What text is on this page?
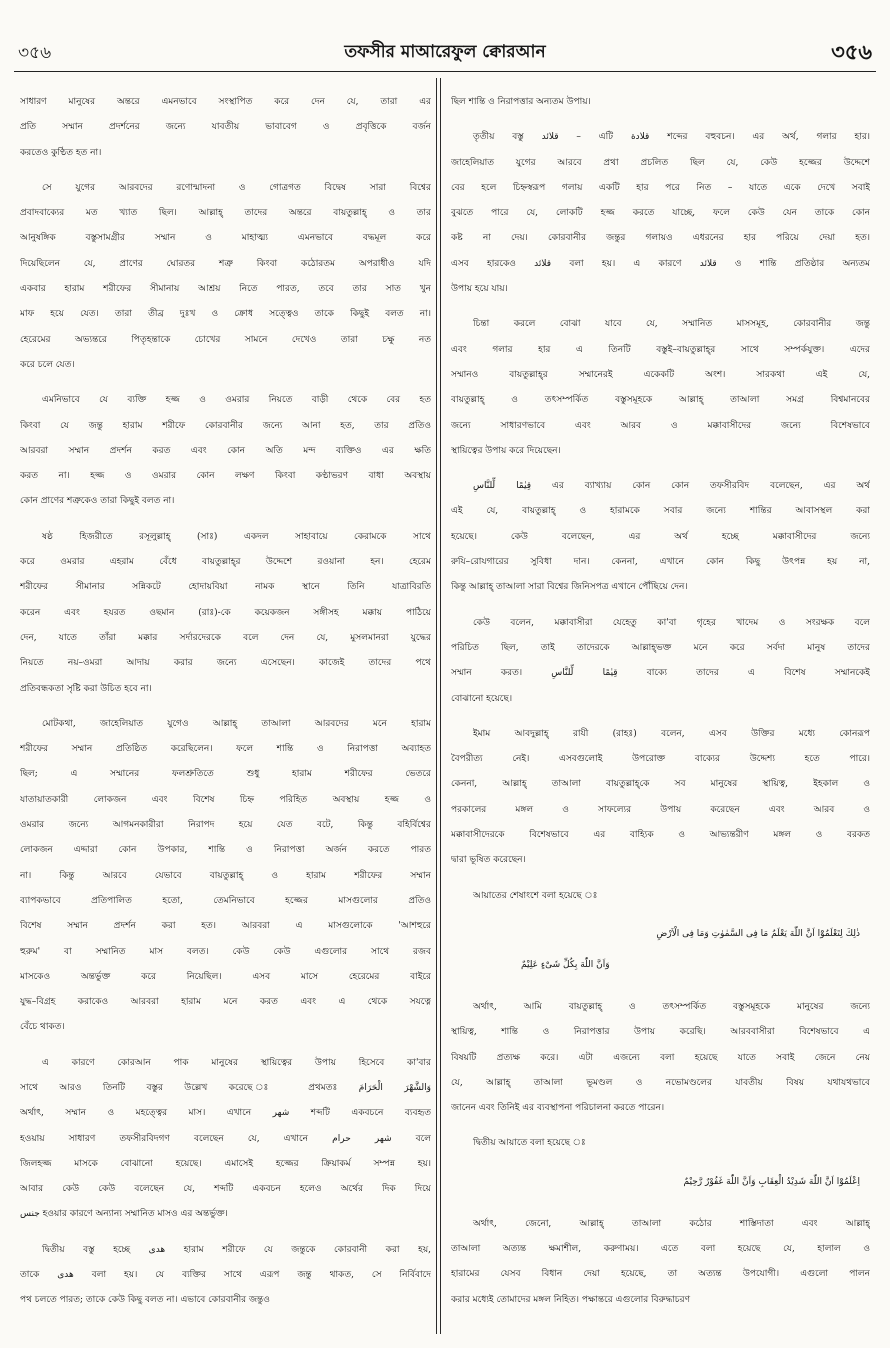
৩৫৬	তফসীর মাআরেফুল ক্বোরআন	৩৫৬
সাধারণ মানুষের অন্তরে এমনভাবে সংস্থাপিত করে দেন যে, তারা এর
প্রতি সম্মান প্রদর্শনের জন্যে যাবতীয় ভাবাবেগ ও প্রবৃত্তিকে বর্জন
করতেও কুণ্ঠিত হত না।
সে যুগের আরবদের রণোন্মাদনা ও গোত্রগত বিদ্বেষ সারা বিশ্বের
প্রবাদবাক্যের মত খ্যাত ছিল। আল্লাহ্ তাদের অন্তরে বায়তুল্লাহ্ ও তার
আনুষঙ্গিক বস্তুসামগ্রীর সম্মান ও মাহাত্ম্য এমনভাবে বদ্ধমূল করে
দিয়েছিলেন যে, প্রাণের ঘোরতর শত্রু কিংবা কঠোরতম অপরাধীও যদি
একবার হারাম শরীফের সীমানায় আশ্রয় নিতে পারত, তবে তার সাত খুন
মাফ হয়ে যেত। তারা তীব্র দুঃখ ও ক্রোধ সত্ত্বেও তাকে কিছুই বলত না।
হেরেমের অভ্যন্তরে পিতৃহন্তাকে চোখের সামনে দেখেও তারা চক্ষু নত
করে চলে যেত।
এমনিভাবে যে ব্যক্তি হজ্জ ও ওমরার নিয়তে বাড়ী থেকে বের হত
কিংবা যে জন্তু হারাম শরীফে কোরবানীর জন্যে আনা হত, তার প্রতিও
আরবরা সম্মান প্রদর্শন করত এবং কোন অতি মন্দ ব্যক্তিও এর ক্ষতি
করত না। হজ্জ ও ওমরার কোন লক্ষণ কিংবা কণ্ঠাভরণ বাধা অবস্থায়
কোন প্রাণের শত্রুকেও তারা কিছুই বলত না।
ষষ্ঠ হিজরীতে রসূলুল্লাহ্ (সাঃ) একদল সাহাবায়ে কেরামকে সাথে
করে ওমরার এহরাম বেঁধে বায়তুল্লাহ্‌র উদ্দেশে রওয়ানা হন। হেরেম
শরীফের সীমানার সন্নিকটে হোদায়বিয়া নামক স্থানে তিনি যাত্রাবিরতি
করেন এবং হযরত ওছমান (রাঃ)-কে কয়েকজন সঙ্গীসহ মক্কায় পাঠিয়ে
দেন, যাতে তাঁরা মক্কার সর্দারদেরকে বলে দেন যে, মুসলমানরা যুদ্ধের
নিয়তে নয়–ওমরা আদায় করার জন্যে এসেছেন। কাজেই তাদের পথে
প্রতিবন্ধকতা সৃষ্টি করা উচিত হবে না।
মোটকথা, জাহেলিয়াত যুগেও আল্লাহ্ তাআলা আরবদের মনে হারাম
শরীফের সম্মান প্রতিষ্ঠিত করেছিলেন। ফলে শান্তি ও নিরাপত্তা অব্যাহত
ছিল; এ সম্মানের ফলশ্রুতিতে শুধু হারাম শরীফের ভেতরে
যাতায়াতকারী লোকজন এবং বিশেষ চিহ্ন পরিহিত অবস্থায় হজ্জ ও
ওমরার জন্যে আগমনকারীরা নিরাপদ হয়ে যেত বটে, কিন্তু বহির্বিশ্বের
লোকজন এদ্দারা কোন উপকার, শান্তি ও নিরাপত্তা অর্জন করতে পারত
না। কিন্তু আরবে যেভাবে বায়তুল্লাহ্ ও হারাম শরীফের সম্মান
ব্যাপকভাবে প্রতিপালিত হতো, তেমনিভাবে হজ্জের মাসগুলোর প্রতিও
বিশেষ সম্মান প্রদর্শন করা হত। আরবরা এ মাসগুলোকে 'আশহুরে
হুরুম' বা সম্মানিত মাস বলত। কেউ কেউ এগুলোর সাথে রজব
মাসকেও অন্তর্ভুক্ত করে নিয়েছিল। এসব মাসে হেরেমের বাইরে
যুদ্ধ–বিগ্রহ করাকেও আরবরা হারাম মনে করত এবং এ থেকে সযত্নে
বেঁচে থাকত।
এ কারণে কোরআন পাক মানুষের স্থায়িত্বের উপায় হিসেবে কা'বার
সাথে আরও তিনটি বস্তুর উল্লেখ করেছে ঃ প্রথমতঃ وَالشَّهْرَ الْحَرَامَ
অর্থাৎ, সম্মান ও মহত্ত্বের মাস। এখানে شهر শব্দটি একবচনে ব্যবহৃত
হওয়ায় সাধারণ তফসীরবিদগণ বলেছেন যে, এখানে شهر حرام বলে
জিলহজ্জ মাসকে বোঝানো হয়েছে। এমাসেই হজ্জের ক্রিয়াকর্ম সম্পন্ন হয়।
আবার কেউ কেউ বলেছেন যে, শব্দটি একবচন হলেও অর্থের দিক দিয়ে
جنس হওয়ার কারণে অন্যান্য সম্মানিত মাসও এর অন্তর্ভুক্ত।
দ্বিতীয় বস্তু হচ্ছে هدى হারাম শরীফে যে জন্তুকে কোরবানী করা হয়,
তাকে هدى বলা হয়। যে ব্যক্তির সাথে এরূপ জন্তু থাকত, সে নির্বিবাদে
পথ চলতে পারত; তাকে কেউ কিছু বলত না। এভাবে কোরবানীর জন্তুও
ছিল শান্তি ও নিরাপত্তার অন্যতম উপায়।
তৃতীয় বস্তু قلائد – এটি قلادة শব্দের বহুবচন। এর অর্থ, গলার হার।
জাহেলিয়াত যুগের আরবে প্রথা প্রচলিত ছিল যে, কেউ হজ্জের উদ্দেশে
বের হলে চিহ্নস্বরূপ গলায় একটি হার পরে নিত – যাতে একে দেখে সবাই
বুঝতে পারে যে, লোকটি হজ্জ করতে যাচ্ছে, ফলে কেউ যেন তাকে কোন
কষ্ট না দেয়। কোরবানীর জন্তুর গলায়ও এধরনের হার পরিয়ে দেয়া হত।
এসব হারকেও قلائد বলা হয়। এ কারণে قلائد ও শান্তি প্রতিষ্ঠার অন্যতম
উপায় হয়ে যায়।
চিন্তা করলে বোঝা যাবে যে, সম্মানিত মাসসমূহ, কোরবানীর জন্তু
এবং গলার হার এ তিনটি বস্তুই–বায়তুল্লাহ্‌র সাথে সম্পর্কযুক্ত। এদের
সম্মানও বায়তুল্লাহ্‌র সম্মানেরই একেকটি অংশ। সারকথা এই যে,
বায়তুল্লাহ্ ও তৎসম্পর্কিত বস্তুসমূহকে আল্লাহ্ তাআলা সমগ্র বিশ্বমানবের
জন্যে সাধারণভাবে এবং আরব ও মক্কাবাসীদের জন্যে বিশেষভাবে
স্থায়িত্বের উপায় করে দিয়েছেন।
قِيٰمًا لِّلنَّاسِ এর ব্যাখ্যায় কোন কোন তফসীরবিদ বলেছেন, এর অর্থ
এই যে, বায়তুল্লাহ্ ও হারামকে সবার জন্যে শান্তির আবাসস্থল করা
হয়েছে। কেউ বলেছেন, এর অর্থ হচ্ছে মক্কাবাসীদের জন্যে
রুযি–রোযগারের সুবিধা দান। কেননা, এখানে কোন কিছু উৎপন্ন হয় না,
কিন্তু আল্লাহ্ তাআলা সারা বিশ্বের জিনিসপত্র এখানে পৌঁছিয়ে দেন।
কেউ বলেন, মক্কাবাসীরা যেহেতু কা'বা গৃহের খাদেম ও সংরক্ষক বলে
পরিচিত ছিল, তাই তাদেরকে আল্লাহ্‌ভক্ত মনে করে সর্বদা মানুষ তাদের
সম্মান করত। قِيٰمًا لِّلنَّاسِ বাক্যে তাদের এ বিশেষ সম্মানকেই
বোঝানো হয়েছে।
ইমাম আবদুল্লাহ্ রাযী (রাহঃ) বলেন, এসব উক্তির মধ্যে কোনরূপ
বৈপরীত্য নেই। এসবগুলোই উপরোক্ত বাক্যের উদ্দেশ্য হতে পারে।
কেননা, আল্লাহ্ তাআলা বায়তুল্লাহ্‌কে সব মানুষের স্থায়িত্ব, ইহকাল ও
পরকালের মঙ্গল ও সাফল্যের উপায় করেছেন এবং আরব ও
মক্কাবাসীদেরকে বিশেষভাবে এর বাহ্যিক ও আভ্যন্তরীণ মঙ্গল ও বরকত
দ্বারা ভূষিত করেছেন।
আয়াতের শেষাংশে বলা হয়েছে ঃ
ذٰلِكَ لِتَعْلَمُوْٓا اَنَّ اللّٰهَ يَعْلَمُ مَا فِى السَّمٰوٰتِ وَمَا فِى الْاَرْضِ
وَاَنَّ اللّٰهَ بِكُلِّ شَىْءٍ عَلِيْمٌ
অর্থাৎ, আমি বায়তুল্লাহ্ ও তৎসম্পর্কিত বস্তুসমূহকে মানুষের জন্যে
স্থায়িত্ব, শান্তি ও নিরাপত্তার উপায় করেছি। আরববাসীরা বিশেষভাবে এ
বিষয়টি প্রত্যক্ষ করে। এটা এজন্যে বলা হয়েছে যাতে সবাই জেনে নেয়
যে, আল্লাহ্ তাআলা ভূমণ্ডল ও নভোমণ্ডলের যাবতীয় বিষয় যথাযথভাবে
জানেন এবং তিনিই এর ব্যবস্থাপনা পরিচালনা করতে পারেন।
দ্বিতীয় আয়াতে বলা হয়েছে ঃ
اِعْلَمُوْٓا اَنَّ اللّٰهَ شَدِيْدُ الْعِقَابِ وَاَنَّ اللّٰهَ غَفُوْرٌ رَّحِيْمٌ
অর্থাৎ, জেনো, আল্লাহ্ তাআলা কঠোর শাস্তিদাতা এবং আল্লাহ্
তাআলা অত্যন্ত ক্ষমাশীল, করুণাময়। এতে বলা হয়েছে যে, হালাল ও
হারামের যেসব বিধান দেয়া হয়েছে, তা অত্যন্ত উপযোগী। এগুলো পালন
করার মধ্যেই তোমাদের মঙ্গল নিহিত। পক্ষান্তরে এগুলোর বিরুদ্ধাচরণ
